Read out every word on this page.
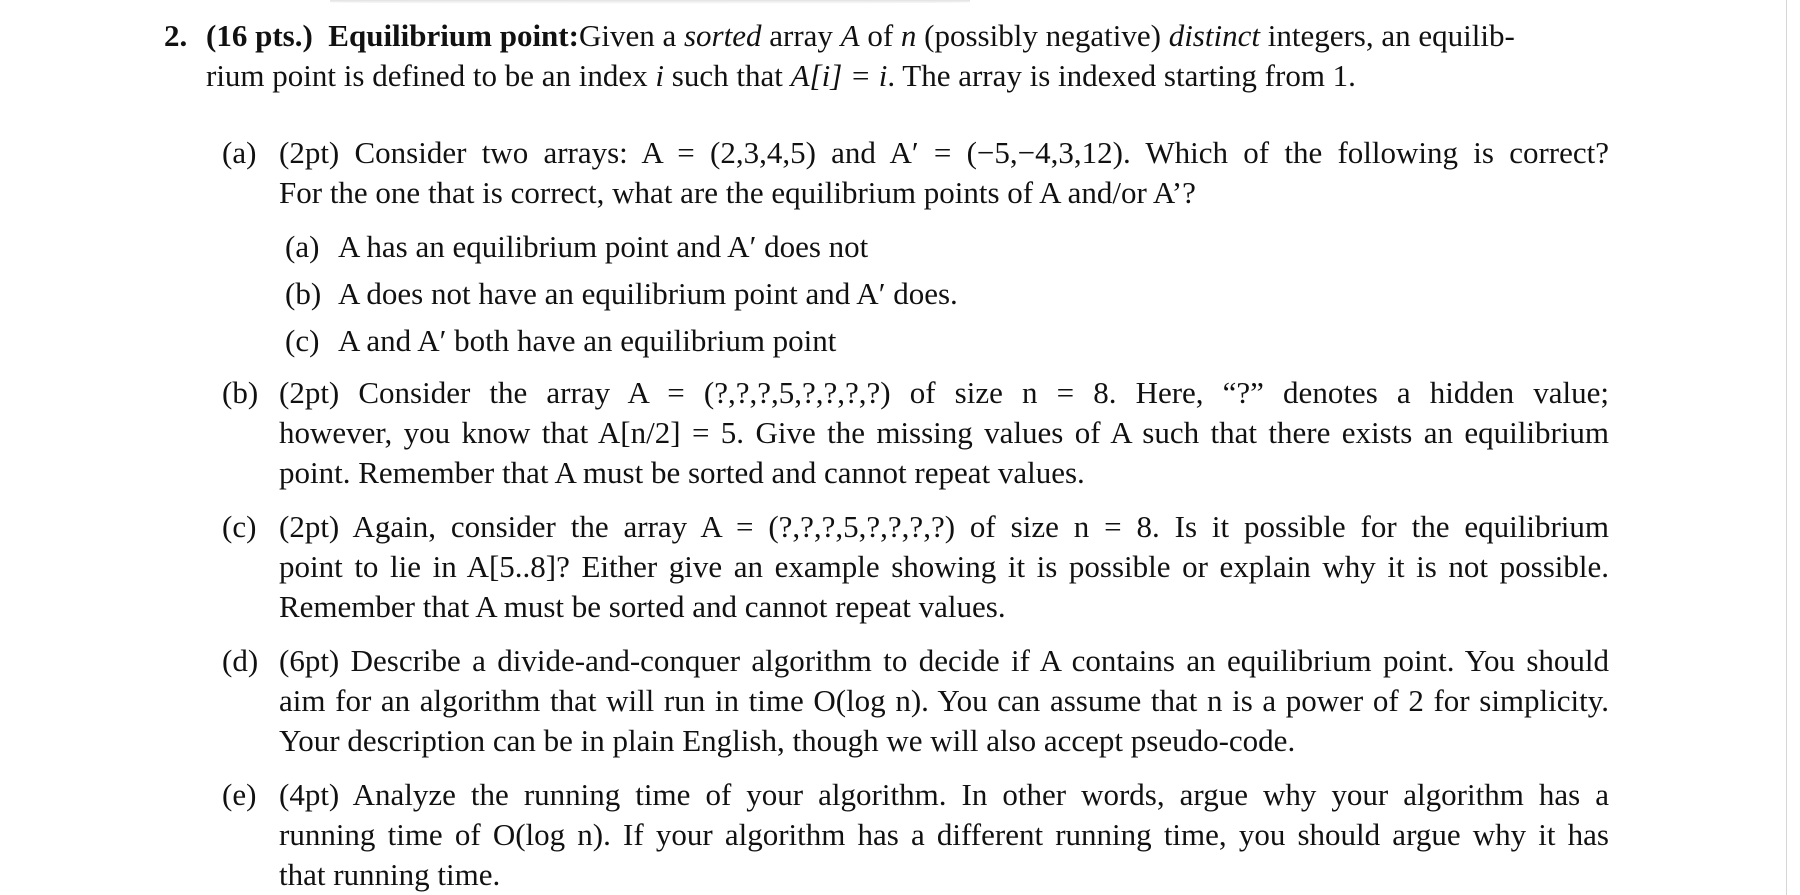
2. (16 pts.) Equilibrium point:Given a sorted array A of n (possibly negative) distinct integers, an equilib-
rium point is defined to be an index i such that A[i] = i. The array is indexed starting from 1.
(a) (2pt) Consider two arrays: A = (2,3,4,5) and A′ = (−5,−4,3,12). Which of the following is correct?
For the one that is correct, what are the equilibrium points of A and/or A’?
(a) A has an equilibrium point and A′ does not
(b) A does not have an equilibrium point and A′ does.
(c) A and A′ both have an equilibrium point
(b) (2pt) Consider the array A = (?,?,?,5,?,?,?,?) of size n = 8. Here, “?” denotes a hidden value;
however, you know that A[n/2] = 5. Give the missing values of A such that there exists an equilibrium
point. Remember that A must be sorted and cannot repeat values.
(c) (2pt) Again, consider the array A = (?,?,?,5,?,?,?,?) of size n = 8. Is it possible for the equilibrium
point to lie in A[5..8]? Either give an example showing it is possible or explain why it is not possible.
Remember that A must be sorted and cannot repeat values.
(d) (6pt) Describe a divide-and-conquer algorithm to decide if A contains an equilibrium point. You should
aim for an algorithm that will run in time O(log n). You can assume that n is a power of 2 for simplicity.
Your description can be in plain English, though we will also accept pseudo-code.
(e) (4pt) Analyze the running time of your algorithm. In other words, argue why your algorithm has a
running time of O(log n). If your algorithm has a different running time, you should argue why it has
that running time.
